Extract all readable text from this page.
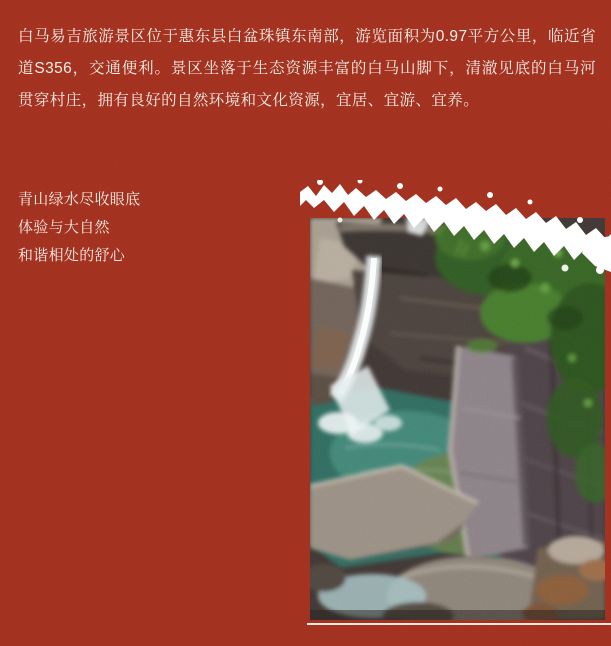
白马易吉旅游景区位于惠东县白盆珠镇东南部，游览面积为0.97平方公里，临近省道S356，交通便利。景区坐落于生态资源丰富的白马山脚下，清澈见底的白马河贯穿村庄，拥有良好的自然环境和文化资源，宜居、宜游、宜养。

青山绿水尽收眼底
体验与大自然
和谐相处的舒心
